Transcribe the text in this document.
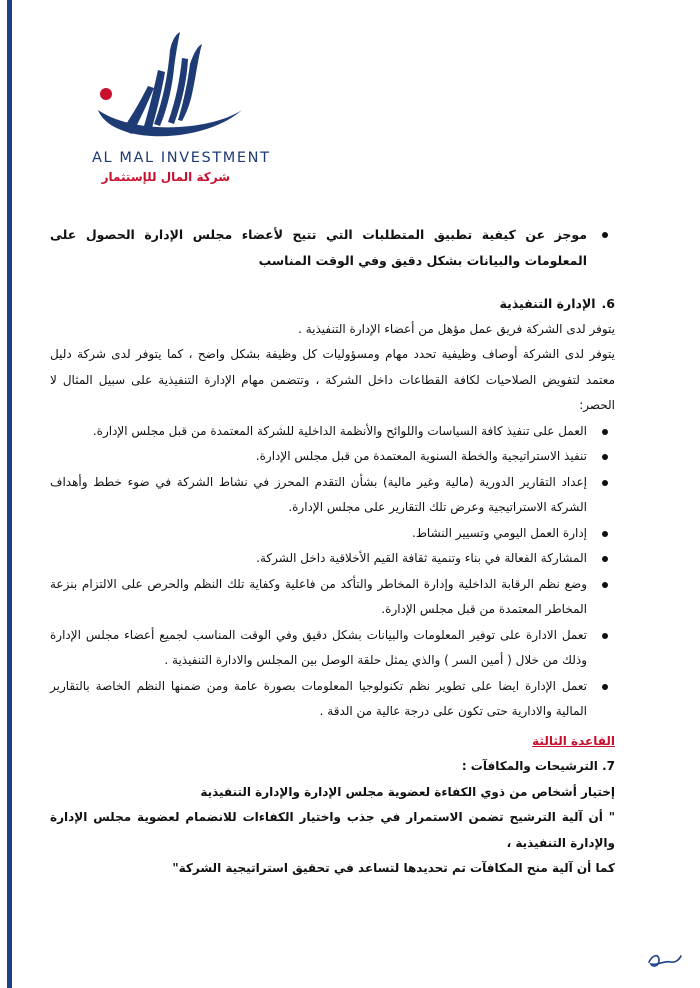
AL MAL INVESTMENT
شركة المال للإستثمار
موجز عن كيفية تطبيق المتطلبات التي تتيح لأعضاء مجلس الإدارة الحصول على المعلومات والبيانات بشكل دقيق وفي الوقت المناسب

6.الإدارة التنفيذية

يتوفر لدى الشركة فريق عمل مؤهل من أعضاء الإدارة التنفيذية .

يتوفر لدى الشركة أوصاف وظيفية تحدد مهام ومسؤوليات كل وظيفة بشكل واضح ، كما يتوفر لدى شركة دليل معتمد لتفويض الصلاحيات لكافة القطاعات داخل الشركة ، وتتضمن مهام الإدارة التنفيذية على سبيل المثال لا الحصر:

العمل على تنفيذ كافة السياسات واللوائح والأنظمة الداخلية للشركة المعتمدة من قبل مجلس الإدارة.
تنفيذ الاستراتيجية والخطة السنوية المعتمدة من قبل مجلس الإدارة.
إعداد التقارير الدورية (مالية وغير مالية) بشأن التقدم المحرز في نشاط الشركة في ضوء خطط وأهداف الشركة الاستراتيجية وعرض تلك التقارير على مجلس الإدارة.
إدارة العمل اليومي وتسيير النشاط.
المشاركة الفعالة في بناء وتنمية ثقافة القيم الأخلاقية داخل الشركة.
وضع نظم الرقابة الداخلية وإدارة المخاطر والتأكد من فاعلية وكفاية تلك النظم والحرص على الالتزام بنزعة المخاطر المعتمدة من قبل مجلس الإدارة.
تعمل الادارة على توفير المعلومات والبيانات بشكل دقيق وفي الوقت المناسب لجميع أعضاء مجلس الإدارة وذلك من خلال ( أمين السر ) والذي يمثل حلقة الوصل بين المجلس والادارة التنفيذية .
تعمل الإدارة ايضا على تطوير نظم تكنولوجيا المعلومات بصورة عامة ومن ضمنها النظم الخاصة بالتقارير المالية والادارية حتى تكون على درجة عالية من الدقة .

القاعدة الثالثة

7. الترشيحات والمكافآت :

إختيار أشخاص من ذوي الكفاءة لعضوية مجلس الإدارة والإدارة التنفيذية

" أن آلية الترشيح تضمن الاستمرار في جذب واختيار الكفاءات للانضمام لعضوية مجلس الإدارة والإدارة التنفيذية ،

كما أن آلية منح المكافآت تم تحديدها لتساعد في تحقيق استراتيجية الشركة"
